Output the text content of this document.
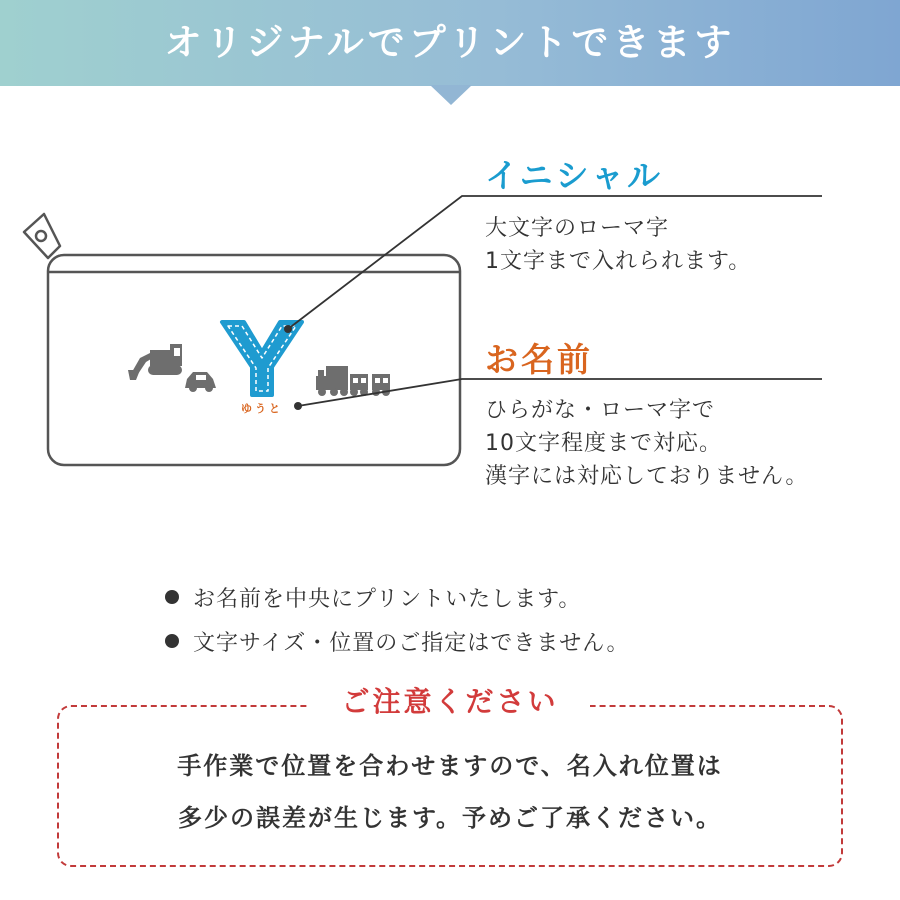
オリジナルでプリントできます
ゆうと
イニシャル
大文字のローマ字
1文字まで入れられます。
お名前
ひらがな・ローマ字で
10文字程度まで対応。
漢字には対応しておりません。
お名前を中央にプリントいたします。
文字サイズ・位置のご指定はできません。
ご注意ください
手作業で位置を合わせますので、名入れ位置は
多少の誤差が生じます。予めご了承ください。
